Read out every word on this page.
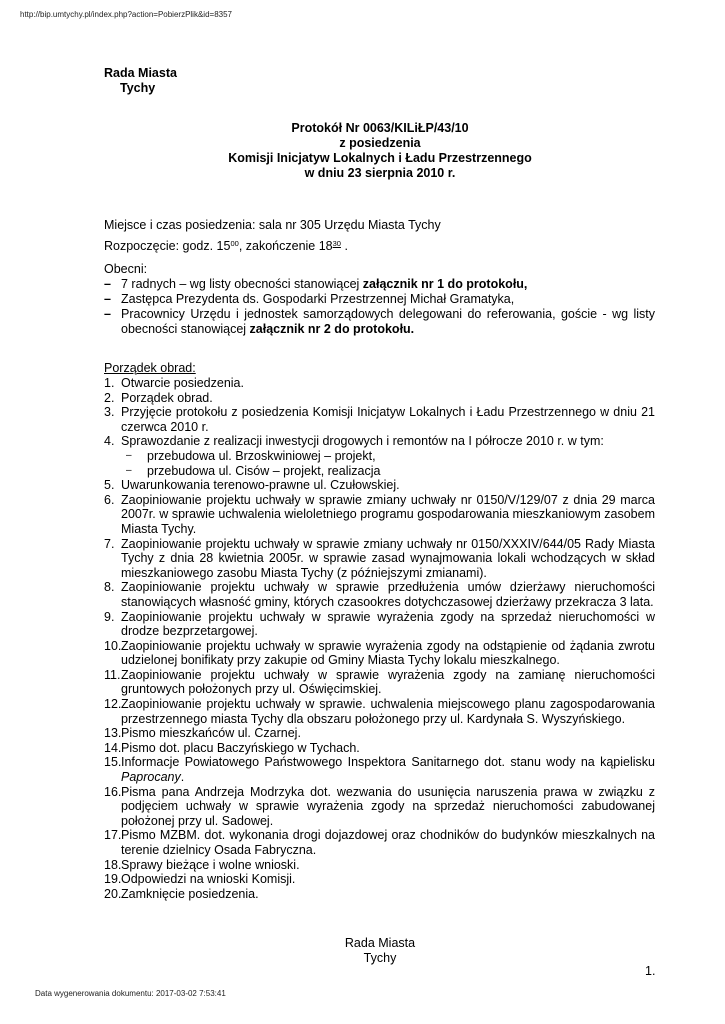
http://bip.umtychy.pl/index.php?action=PobierzPlik&id=8357
Rada Miasta
Tychy
Protokół Nr 0063/KILiŁP/43/10
z posiedzenia
Komisji Inicjatyw Lokalnych i Ładu Przestrzennego
w dniu 23 sierpnia 2010 r.
Miejsce i czas posiedzenia: sala nr 305 Urzędu Miasta Tychy
Rozpoczęcie: godz. $15^{00}$, zakończenie $18^{30}$ .
Obecni:
– 7 radnych – wg listy obecności stanowiącej załącznik nr 1 do protokołu,
– Zastępca Prezydenta ds. Gospodarki Przestrzennej Michał Gramatyka,
– Pracownicy Urzędu i jednostek samorządowych delegowani do referowania, goście - wg listy obecności stanowiącej załącznik nr 2 do protokołu.
Porządek obrad:
1. Otwarcie posiedzenia.
2. Porządek obrad.
3. Przyjęcie protokołu z posiedzenia Komisji Inicjatyw Lokalnych i Ładu Przestrzennego w dniu 21 czerwca 2010 r.
4. Sprawozdanie z realizacji inwestycji drogowych i remontów na I półrocze 2010 r. w tym:
– przebudowa ul. Brzoskwiniowej – projekt,
– przebudowa ul. Cisów – projekt, realizacja
5. Uwarunkowania terenowo-prawne ul. Czułowskiej.
6. Zaopiniowanie projektu uchwały w sprawie zmiany uchwały nr 0150/V/129/07 z dnia 29 marca 2007r. w sprawie uchwalenia wieloletniego programu gospodarowania mieszkaniowym zasobem Miasta Tychy.
7. Zaopiniowanie projektu uchwały w sprawie zmiany uchwały nr 0150/XXXIV/644/05 Rady Miasta Tychy z dnia 28 kwietnia 2005r. w sprawie zasad wynajmowania lokali wchodzących w skład mieszkaniowego zasobu Miasta Tychy (z późniejszymi zmianami).
8. Zaopiniowanie projektu uchwały w sprawie przedłużenia umów dzierżawy nieruchomości stanowiących własność gminy, których czasookres dotychczasowej dzierżawy przekracza 3 lata.
9. Zaopiniowanie projektu uchwały w sprawie wyrażenia zgody na sprzedaż nieruchomości w drodze bezprzetargowej.
10. Zaopiniowanie projektu uchwały w sprawie wyrażenia zgody na odstąpienie od żądania zwrotu udzielonej bonifikaty przy zakupie od Gminy Miasta Tychy lokalu mieszkalnego.
11. Zaopiniowanie projektu uchwały w sprawie wyrażenia zgody na zamianę nieruchomości gruntowych położonych przy ul. Oświęcimskiej.
12. Zaopiniowanie projektu uchwały w sprawie. uchwalenia miejscowego planu zagospodarowania przestrzennego miasta Tychy dla obszaru położonego przy ul. Kardynała S. Wyszyńskiego.
13. Pismo mieszkańców ul. Czarnej.
14. Pismo dot. placu Baczyńskiego w Tychach.
15. Informacje Powiatowego Państwowego Inspektora Sanitarnego dot. stanu wody na kąpielisku Paprocany.
16. Pisma pana Andrzeja Modrzyka dot. wezwania do usunięcia naruszenia prawa w związku z podjęciem uchwały w sprawie wyrażenia zgody na sprzedaż nieruchomości zabudowanej położonej przy ul. Sadowej.
17. Pismo MZBM. dot. wykonania drogi dojazdowej oraz chodników do budynków mieszkalnych na terenie dzielnicy Osada Fabryczna.
18. Sprawy bieżące i wolne wnioski.
19. Odpowiedzi na wnioski Komisji.
20. Zamknięcie posiedzenia.
Rada Miasta
Tychy
1.
Data wygenerowania dokumentu: 2017-03-02 7:53:41
